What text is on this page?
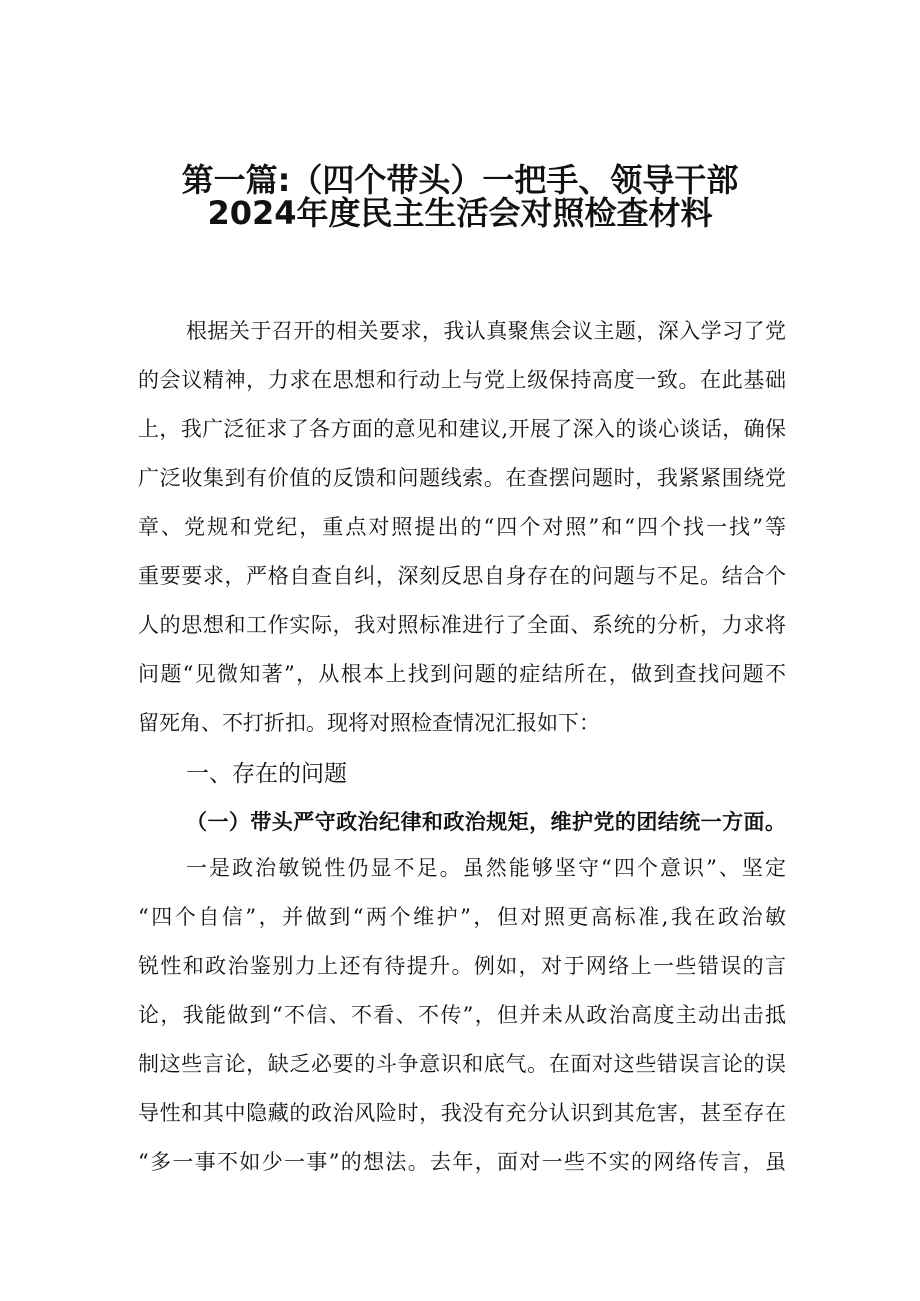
第一篇:（四个带头）一把手、领导干部
2024年度民主生活会对照检查材料
根据关于召开的相关要求，我认真聚焦会议主题，深入学习了党
的会议精神，力求在思想和行动上与党上级保持高度一致。在此基础
上，我广泛征求了各方面的意见和建议,开展了深入的谈心谈话，确保
广泛收集到有价值的反馈和问题线索。在查摆问题时，我紧紧围绕党
章、党规和党纪，重点对照提出的“四个对照”和“四个找一找”等
重要要求，严格自查自纠，深刻反思自身存在的问题与不足。结合个
人的思想和工作实际，我对照标准进行了全面、系统的分析，力求将
问题“见微知著”，从根本上找到问题的症结所在，做到查找问题不
留死角、不打折扣。现将对照检查情况汇报如下：
一、存在的问题
（一）带头严守政治纪律和政治规矩，维护党的团结统一方面。
一是政治敏锐性仍显不足。虽然能够坚守“四个意识”、坚定
“四个自信”，并做到“两个维护”，但对照更高标准,我在政治敏
锐性和政治鉴别力上还有待提升。例如，对于网络上一些错误的言
论，我能做到“不信、不看、不传”，但并未从政治高度主动出击抵
制这些言论，缺乏必要的斗争意识和底气。在面对这些错误言论的误
导性和其中隐藏的政治风险时，我没有充分认识到其危害，甚至存在
“多一事不如少一事”的想法。去年，面对一些不实的网络传言，虽
